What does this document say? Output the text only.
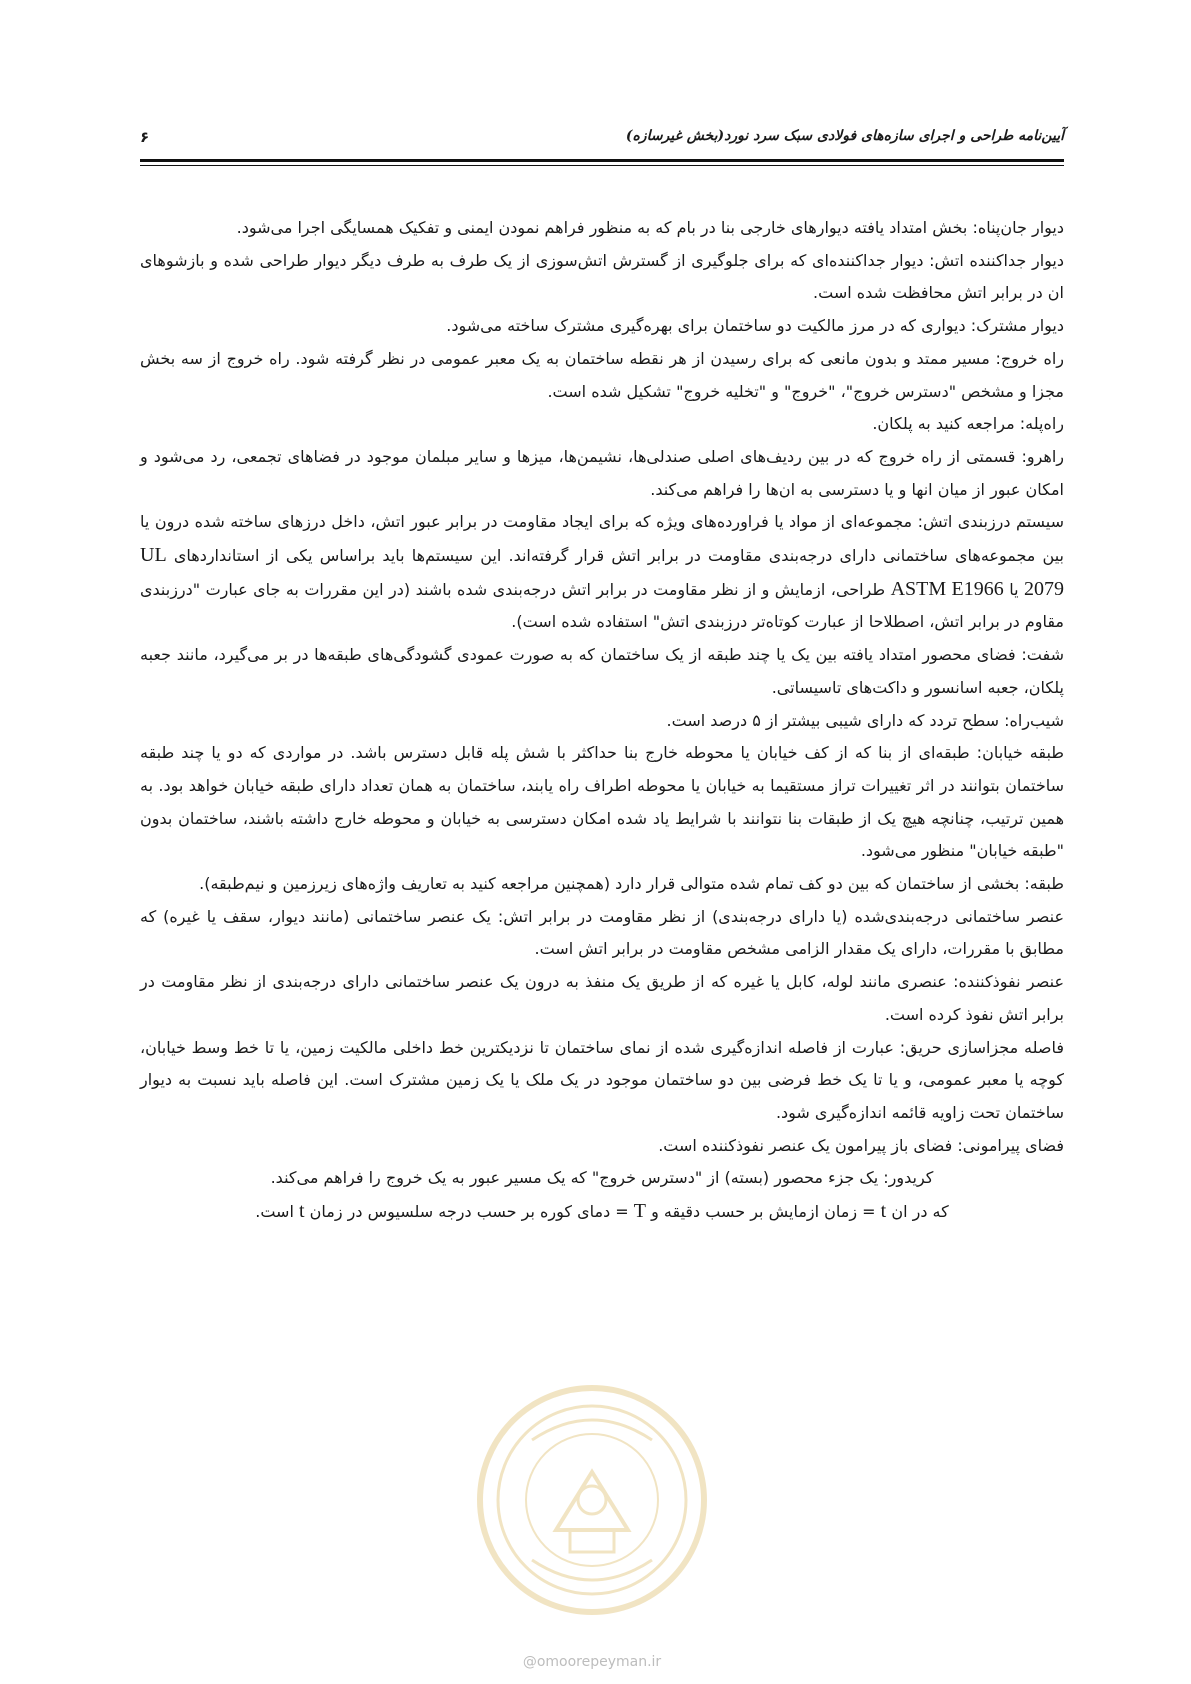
آیین‌نامه طراحی و اجرای سازه‌های فولادی سبک سرد نورد(بخش غیرسازه)
۶
@omoorepeyman.ir

دیوار جان‌پناه: بخش امتداد یافته دیوارهای خارجی بنا در بام که به منظور فراهم نمودن ایمنی و تفکیک همسایگی اجرا می‌شود.

دیوار جداکننده اتش: دیوار جداکننده‌ای که برای جلوگیری از گسترش اتش‌سوزی از یک طرف به طرف دیگر دیوار طراحی شده و بازشوهای ان در برابر اتش محافظت شده است.

دیوار مشترک: دیواری که در مرز مالکیت دو ساختمان برای بهره‌گیری مشترک ساخته می‌شود.

راه خروج: مسیر ممتد و بدون مانعی که برای رسیدن از هر نقطه ساختمان به یک معبر عمومی در نظر گرفته شود. راه خروج از سه بخش مجزا و مشخص "دسترس خروج"، "خروج" و "تخلیه خروج" تشکیل شده است.

راه‌پله: مراجعه کنید به پلکان.

راهرو: قسمتی از راه خروج که در بین ردیف‌های اصلی صندلی‌ها، نشیمن‌ها، میزها و سایر مبلمان موجود در فضاهای تجمعی، رد می‌شود و امکان عبور از میان انها و یا دسترسی به ان‌ها را فراهم می‌کند.

سیستم درزبندی اتش: مجموعه‌ای از مواد یا فراورده‌های ویژه که برای ایجاد مقاومت در برابر عبور اتش، داخل درزهای ساخته شده درون یا بین مجموعه‌های ساختمانی دارای درجه‌بندی مقاومت در برابر اتش قرار گرفته‌اند. این سیستم‌ها باید براساس یکی از استانداردهای UL 2079 یا ASTM E1966 طراحی، ازمایش و از نظر مقاومت در برابر اتش درجه‌بندی شده باشند (در این مقررات به جای عبارت "درزبندی مقاوم در برابر اتش، اصطلاحا از عبارت کوتاه‌تر درزبندی اتش" استفاده شده است).

شفت: فضای محصور امتداد یافته بین یک یا چند طبقه از یک ساختمان که به صورت عمودی گشودگی‌های طبقه‌ها در بر می‌گیرد، مانند جعبه پلکان، جعبه اسانسور و داکت‌های تاسیساتی.

شیب‌راه: سطح تردد که دارای شیبی بیشتر از ۵ درصد است.

طبقه خیابان: طبقه‌ای از بنا که از کف خیابان یا محوطه خارج بنا حداکثر با شش پله قابل دسترس باشد. در مواردی که دو یا چند طبقه ساختمان بتوانند در اثر تغییرات تراز مستقیما به خیابان یا محوطه اطراف راه یابند، ساختمان به همان تعداد دارای طبقه خیابان خواهد بود. به همین ترتیب، چنانچه هیچ یک از طبقات بنا نتوانند با شرایط یاد شده امکان دسترسی به خیابان و محوطه خارج داشته باشند، ساختمان بدون "طبقه خیابان" منظور می‌شود.

طبقه: بخشی از ساختمان که بین دو کف تمام شده متوالی قرار دارد (همچنین مراجعه کنید به تعاریف واژه‌های زیرزمین و نیم‌طبقه).

عنصر ساختمانی درجه‌بندی‌شده (یا دارای درجه‌بندی) از نظر مقاومت در برابر اتش: یک عنصر ساختمانی (مانند دیوار، سقف یا غیره) که مطابق با مقررات، دارای یک مقدار الزامی مشخص مقاومت در برابر اتش است.

عنصر نفوذکننده: عنصری مانند لوله، کابل یا غیره که از طریق یک منفذ به درون یک عنصر ساختمانی دارای درجه‌بندی از نظر مقاومت در برابر اتش نفوذ کرده است.

فاصله مجزاسازی حریق: عبارت از فاصله اندازه‌گیری شده از نمای ساختمان تا نزدیکترین خط داخلی مالکیت زمین، یا تا خط وسط خیابان، کوچه یا معبر عمومی، و یا تا یک خط فرضی بین دو ساختمان موجود در یک ملک یا یک زمین مشترک است. این فاصله باید نسبت به دیوار ساختمان تحت زاویه قائمه اندازه‌گیری شود.

فضای پیرامونی: فضای باز پیرامون یک عنصر نفوذکننده است.

کریدور: یک جزء محصور (بسته) از "دسترس خروج" که یک مسیر عبور به یک خروج را فراهم می‌کند.

که در ان t = زمان ازمایش بر حسب دقیقه و T = دمای کوره بر حسب درجه سلسیوس در زمان t است.
